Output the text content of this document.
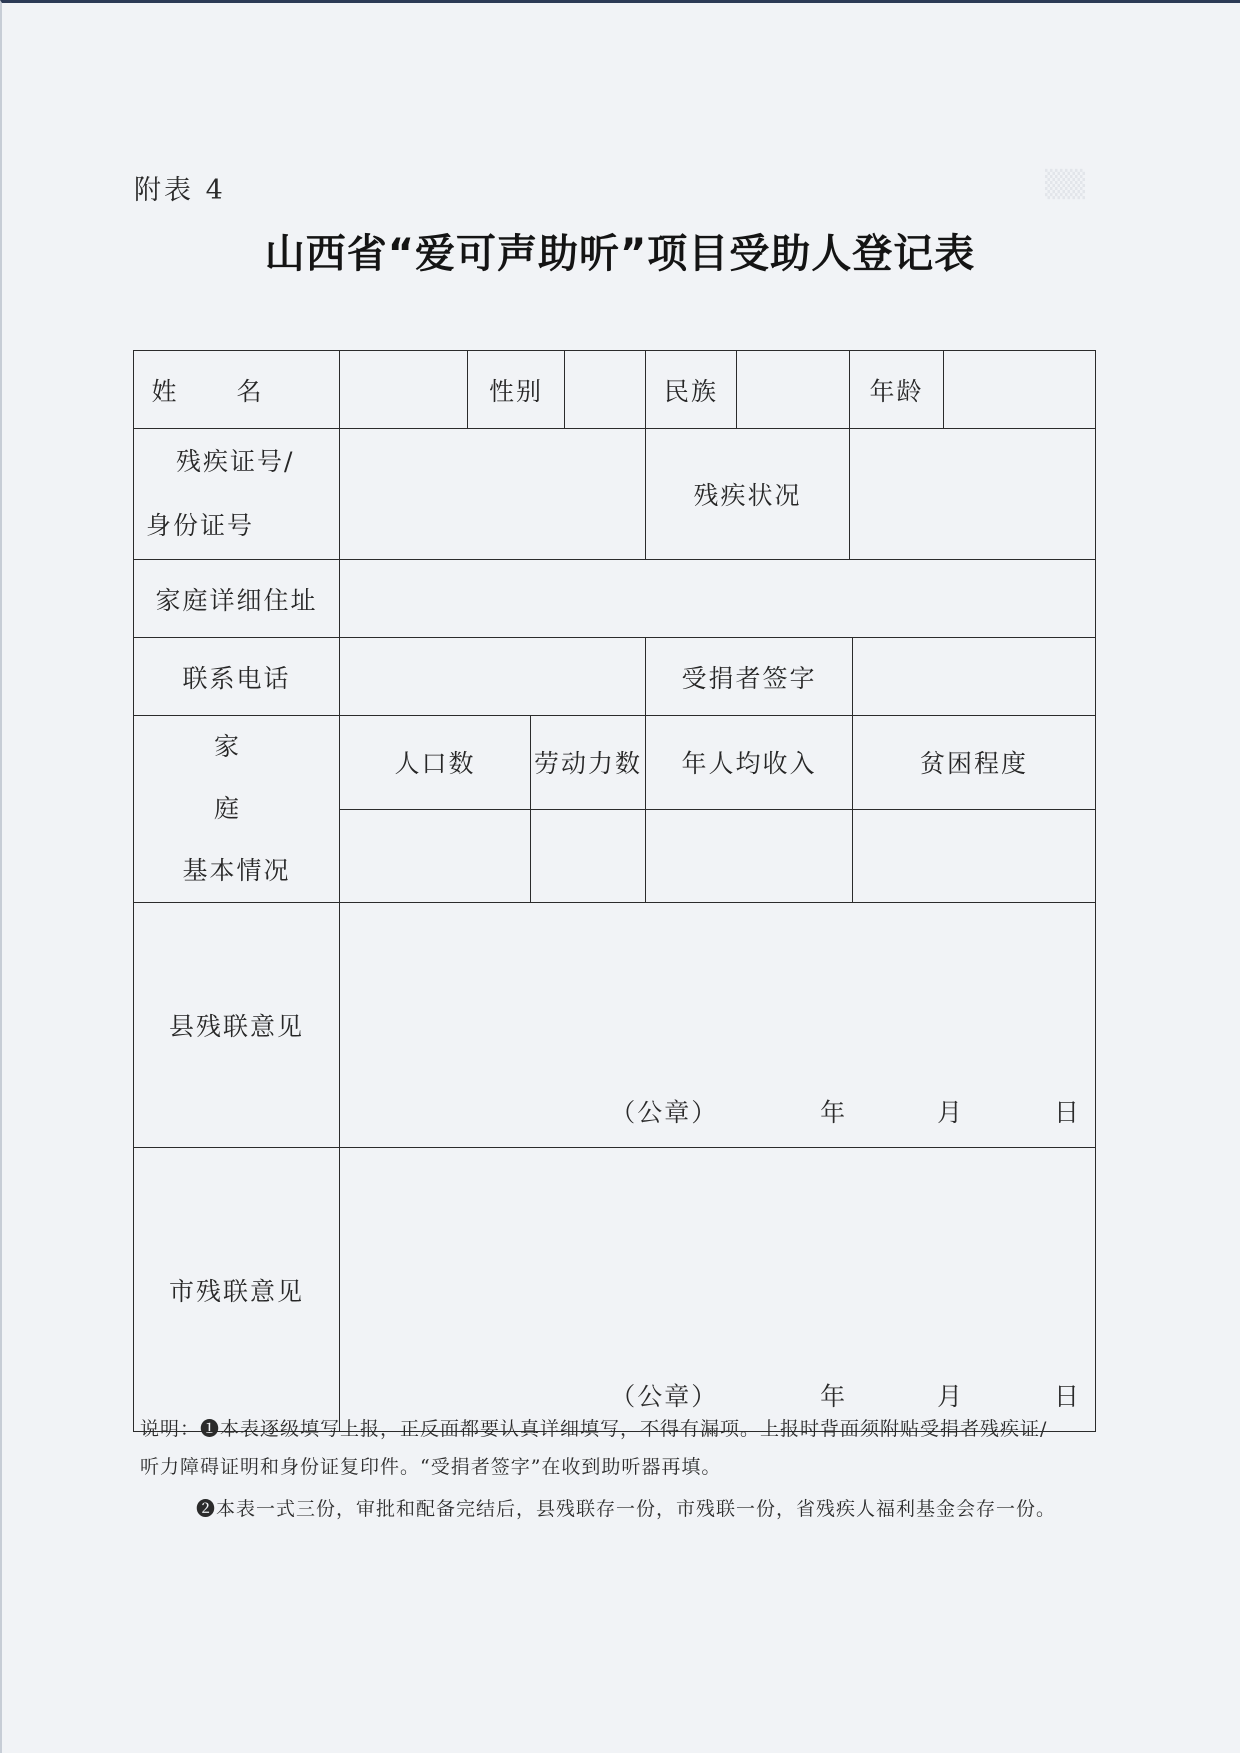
▒▒
附表 4
山西省“爱可声助听”项目受助人登记表
姓名		性别		民族		年龄		

残疾证号/
身份证号				残疾状况				
家庭详细住址								
联系电话				受捐者签字				

家庭
基本情况	人口数		劳动力数	年人均收入			贫困程度	

县残联意见	（公章） 年 月 日							

市残联意见	（公章） 年 月 日							

说明：❶本表逐级填写上报，正反面都要认真详细填写，不得有漏项。上报时背面须附贴受捐者残疾证/

听力障碍证明和身份证复印件。“受捐者签字”在收到助听器再填。

❷本表一式三份，审批和配备完结后，县残联存一份，市残联一份，省残疾人福利基金会存一份。
